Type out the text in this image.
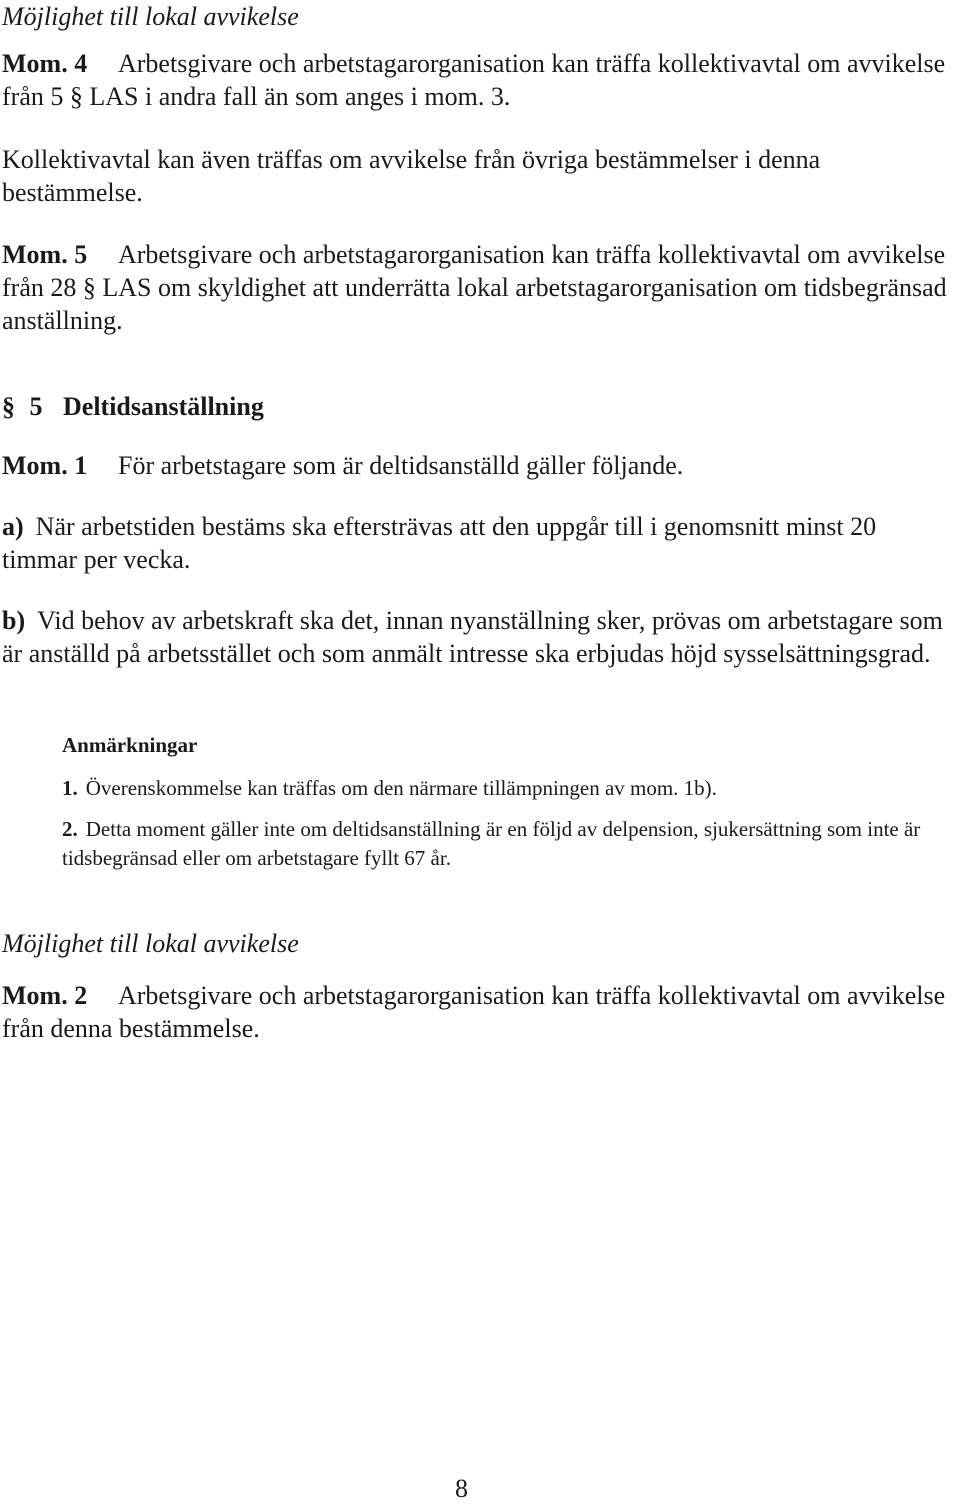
Möjlighet till lokal avvikelse

Mom. 4 Arbetsgivare och arbetstagarorganisation kan träffa kollektivavtal om avvikelse från 5 § LAS i andra fall än som anges i mom. 3.

Kollektivavtal kan även träffas om avvikelse från övriga bestämmelser i denna bestämmelse.

Mom. 5 Arbetsgivare och arbetstagarorganisation kan träffa kollektivavtal om avvikelse från 28 § LAS om skyldighet att underrätta lokal arbetstagarorganisation om tidsbegränsad anställning.

§ 5 Deltidsanställning

Mom. 1 För arbetstagare som är deltidsanställd gäller följande.

a) När arbetstiden bestäms ska eftersträvas att den uppgår till i genomsnitt minst 20 timmar per vecka.

b) Vid behov av arbetskraft ska det, innan nyanställning sker, prövas om arbetstagare som är anställd på arbetsstället och som anmält intresse ska erbjudas höjd sysselsättningsgrad.

Anmärkningar

1. Överenskommelse kan träffas om den närmare tillämpningen av mom. 1b).

2. Detta moment gäller inte om deltidsanställning är en följd av delpension, sjukersättning som inte är tidsbegränsad eller om arbetstagare fyllt 67 år.

Möjlighet till lokal avvikelse

Mom. 2 Arbetsgivare och arbetstagarorganisation kan träffa kollektivavtal om avvikelse från denna bestämmelse.

8
